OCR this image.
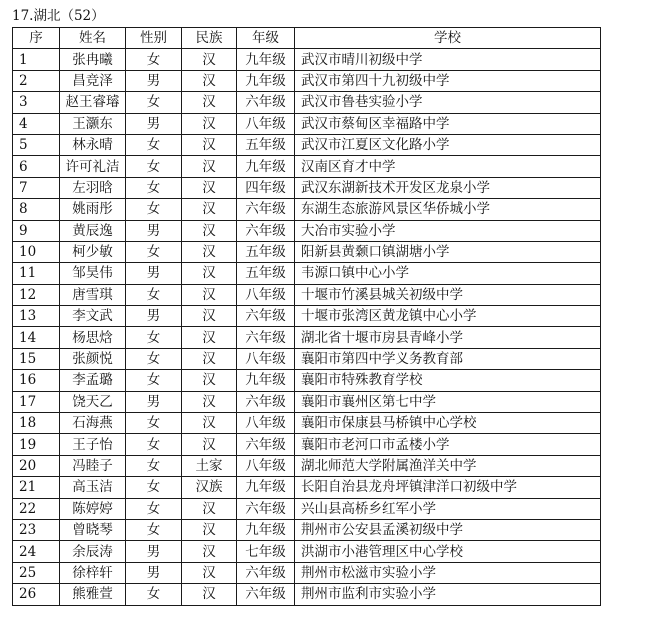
17.湖北（52）
序	姓名	性别	民族	年级	学校
1	张冉曦	女	汉	九年级	武汉市晴川初级中学
2	昌竞泽	男	汉	九年级	武汉市第四十九初级中学
3	赵王睿璿	女	汉	六年级	武汉市鲁巷实验小学
4	王灏东	男	汉	八年级	武汉市蔡甸区幸福路中学
5	林永晴	女	汉	五年级	武汉市江夏区文化路小学
6	许可礼洁	女	汉	九年级	汉南区育才中学
7	左羽晗	女	汉	四年级	武汉东湖新技术开发区龙泉小学
8	姚雨彤	女	汉	六年级	东湖生态旅游风景区华侨城小学
9	黄辰逸	男	汉	六年级	大冶市实验小学
10	柯少敏	女	汉	五年级	阳新县黄颡口镇湖塘小学
11	邹昊伟	男	汉	五年级	韦源口镇中心小学
12	唐雪琪	女	汉	八年级	十堰市竹溪县城关初级中学
13	李文武	男	汉	六年级	十堰市张湾区黄龙镇中心小学
14	杨思焓	女	汉	六年级	湖北省十堰市房县青峰小学
15	张颜悦	女	汉	八年级	襄阳市第四中学义务教育部
16	李孟璐	女	汉	九年级	襄阳市特殊教育学校
17	饶天乙	男	汉	六年级	襄阳市襄州区第七中学
18	石海燕	女	汉	八年级	襄阳市保康县马桥镇中心学校
19	王子怡	女	汉	六年级	襄阳市老河口市孟楼小学
20	冯睦子	女	土家	八年级	湖北师范大学附属渔洋关中学
21	高玉洁	女	汉族	九年级	长阳自治县龙舟坪镇津洋口初级中学
22	陈婷婷	女	汉	六年级	兴山县高桥乡红军小学
23	曾晓琴	女	汉	九年级	荆州市公安县孟溪初级中学
24	余辰涛	男	汉	七年级	洪湖市小港管理区中心学校
25	徐梓轩	男	汉	六年级	荆州市松滋市实验小学
26	熊雅萱	女	汉	六年级	荆州市监利市实验小学
